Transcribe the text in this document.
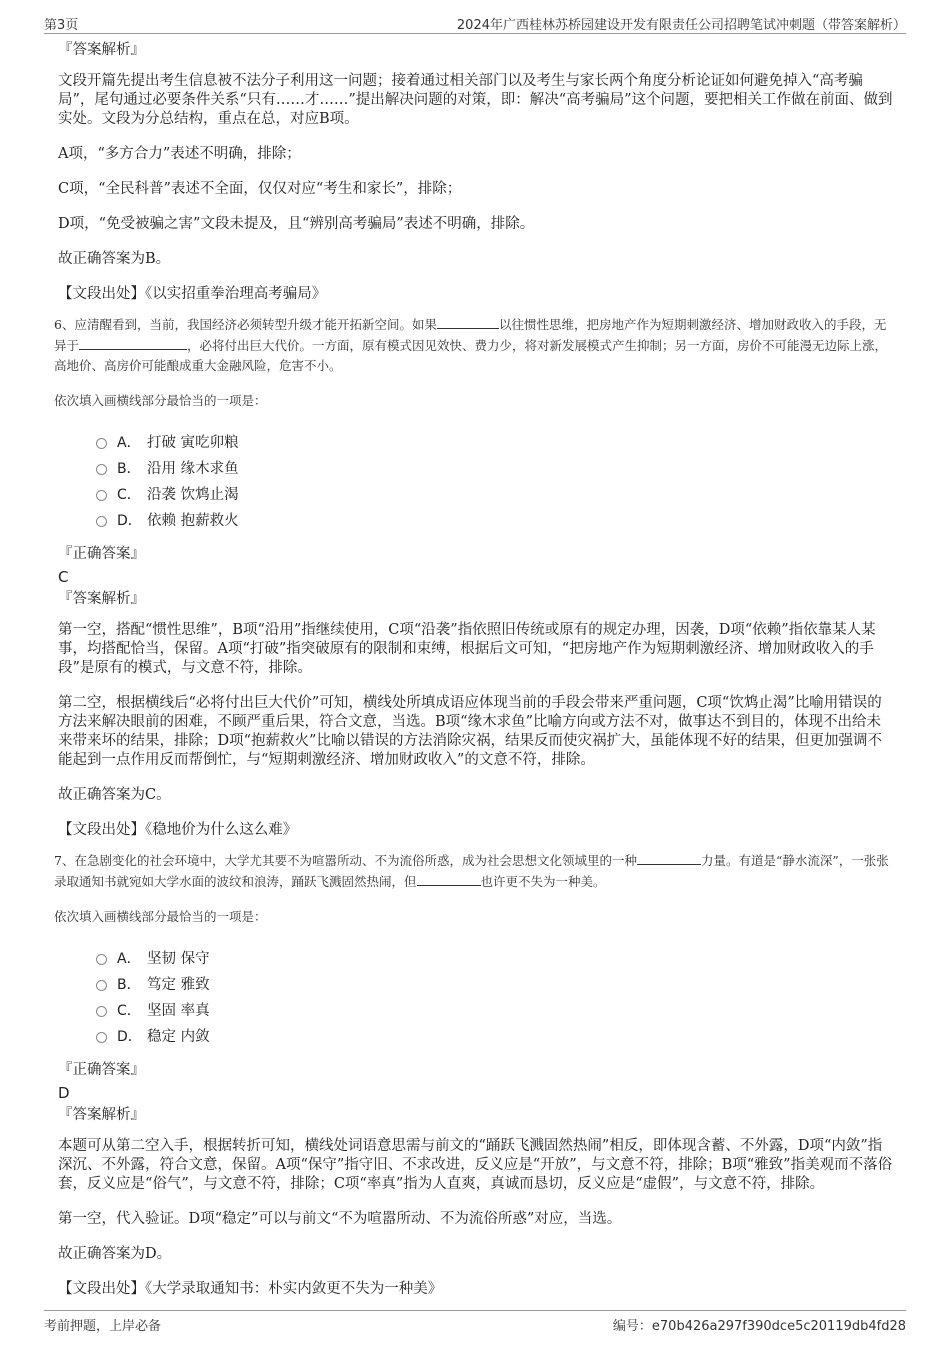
第3页	2024年广西桂林苏桥园建设开发有限责任公司招聘笔试冲刺题（带答案解析）
『答案解析』

文段开篇先提出考生信息被不法分子利用这一问题；接着通过相关部门以及考生与家长两个角度分析论证如何避免掉入“高考骗局”，尾句通过必要条件关系“只有……才……”提出解决问题的对策，即：解决“高考骗局”这个问题，要把相关工作做在前面、做到实处。文段为分总结构，重点在总，对应B项。

A项，“多方合力”表述不明确，排除；

C项，“全民科普”表述不全面，仅仅对应“考生和家长”，排除；

D项，“免受被骗之害”文段未提及，且“辨别高考骗局”表述不明确，排除。

故正确答案为B。

【文段出处】《以实招重拳治理高考骗局》

6、应清醒看到，当前，我国经济必须转型升级才能开拓新空间。如果	以往惯性思维，把房地产作为短期刺激经济、增加财政收入的手段，无异于	，必将付出巨大代价。一方面，原有模式因见效快、费力少，将对新发展模式产生抑制；另一方面，房价不可能漫无边际上涨，高地价、高房价可能酿成重大金融风险，危害不小。
依次填入画横线部分最恰当的一项是：
A． 打破 寅吃卯粮
B． 沿用 缘木求鱼
C． 沿袭 饮鸩止渴
D． 依赖 抱薪救火
『正确答案』
C
『答案解析』

第一空，搭配“惯性思维”，B项“沿用”指继续使用，C项“沿袭”指依照旧传统或原有的规定办理，因袭，D项“依赖”指依靠某人某事，均搭配恰当，保留。A项“打破”指突破原有的限制和束缚，根据后文可知，“把房地产作为短期刺激经济、增加财政收入的手段”是原有的模式，与文意不符，排除。

第二空，根据横线后“必将付出巨大代价”可知，横线处所填成语应体现当前的手段会带来严重问题，C项“饮鸩止渴”比喻用错误的方法来解决眼前的困难，不顾严重后果，符合文意，当选。B项“缘木求鱼”比喻方向或方法不对，做事达不到目的，体现不出给未来带来坏的结果，排除；D项“抱薪救火”比喻以错误的方法消除灾祸，结果反而使灾祸扩大，虽能体现不好的结果，但更加强调不能起到一点作用反而帮倒忙，与“短期刺激经济、增加财政收入”的文意不符，排除。

故正确答案为C。

【文段出处】《稳地价为什么这么难》

7、在急剧变化的社会环境中，大学尤其要不为喧嚣所动、不为流俗所惑，成为社会思想文化领域里的一种	力量。有道是“静水流深”，一张张录取通知书就宛如大学水面的波纹和浪涛，踊跃飞溅固然热闹，但	也许更不失为一种美。
依次填入画横线部分最恰当的一项是：
A． 坚韧 保守
B． 笃定 雅致
C． 坚固 率真
D． 稳定 内敛
『正确答案』
D
『答案解析』

本题可从第二空入手，根据转折可知，横线处词语意思需与前文的“踊跃飞溅固然热闹”相反，即体现含蓄、不外露，D项“内敛”指深沉、不外露，符合文意，保留。A项“保守”指守旧、不求改进，反义应是“开放”，与文意不符，排除；B项“雅致”指美观而不落俗套，反义应是“俗气”，与文意不符，排除；C项“率真”指为人直爽，真诚而恳切，反义应是“虚假”，与文意不符，排除。

第一空，代入验证。D项“稳定”可以与前文“不为喧嚣所动、不为流俗所惑”对应，当选。

故正确答案为D。

【文段出处】《大学录取通知书：朴实内敛更不失为一种美》

考前押题，上岸必备	编号：e70b426a297f390dce5c20119db4fd28
